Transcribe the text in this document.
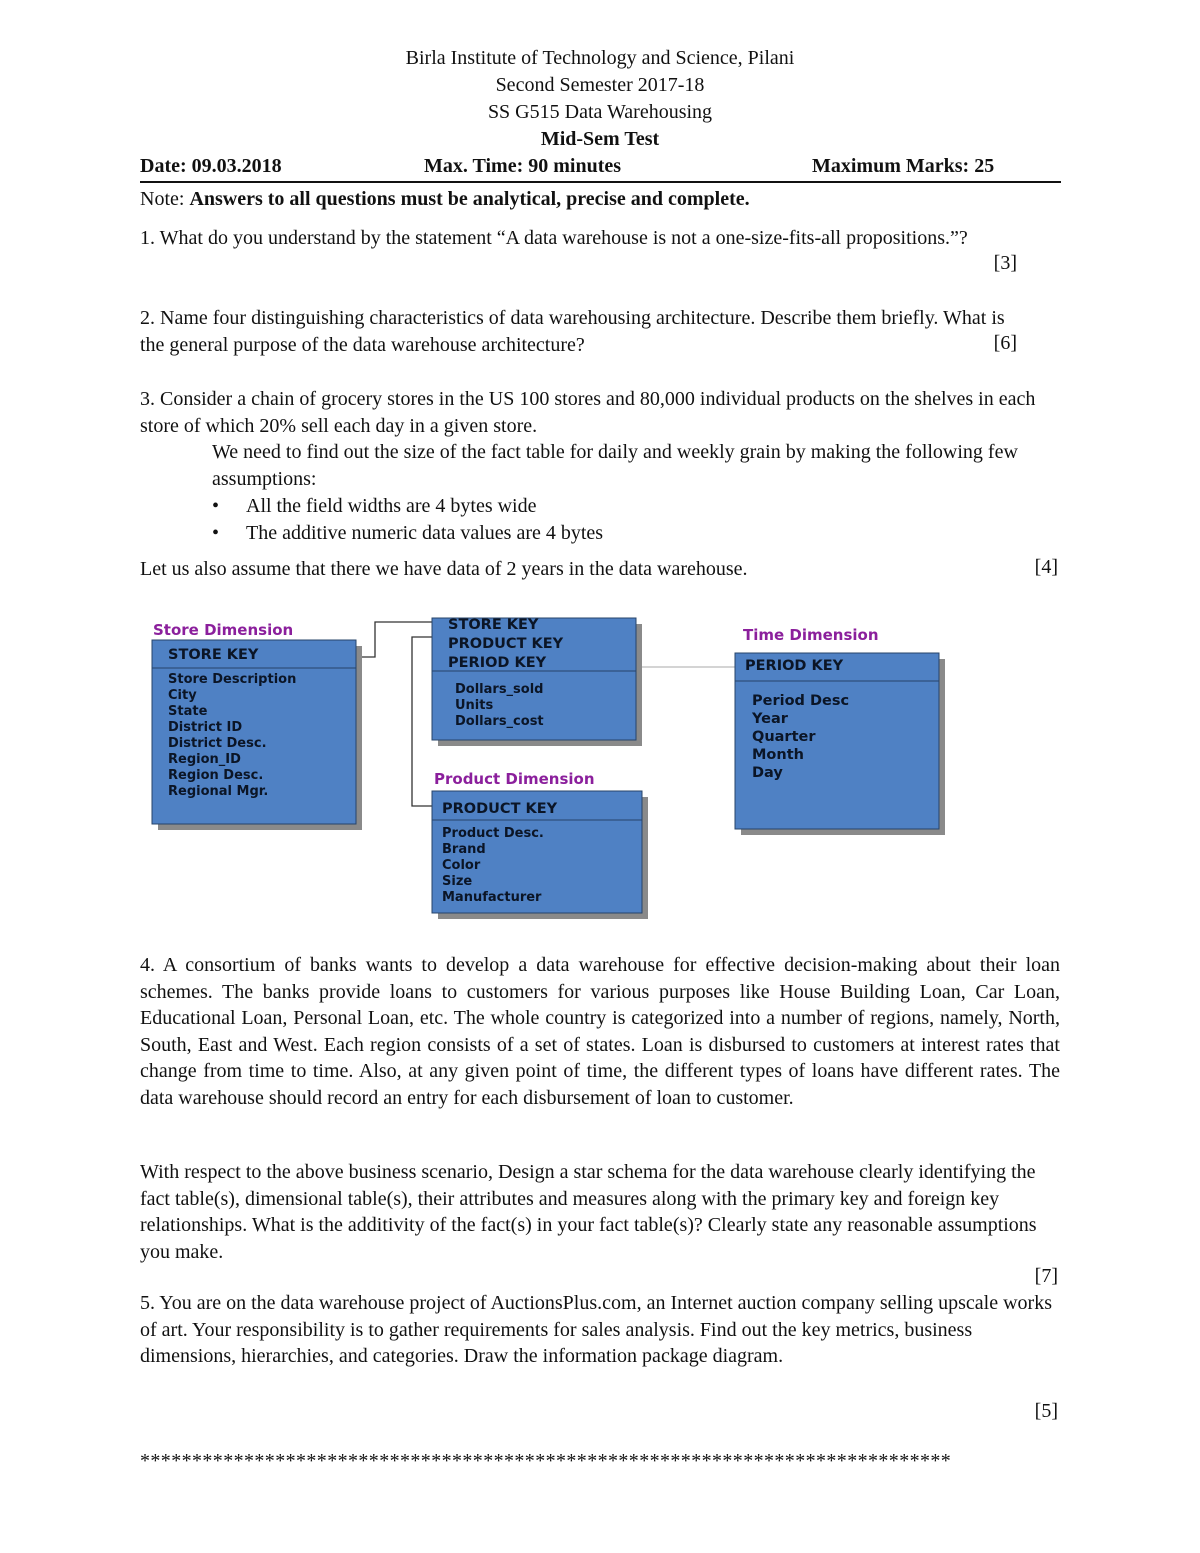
Birla Institute of Technology and Science, Pilani
Second Semester 2017-18
SS G515 Data Warehousing
Mid-Sem Test
Date: 09.03.2018	Max. Time: 90 minutes	Maximum Marks: 25
Note: Answers to all questions must be analytical, precise and complete.
1. What do you understand by the statement “A data warehouse is not a one-size-fits-all propositions.”?
[3]
2. Name four distinguishing characteristics of data warehousing architecture. Describe them briefly. What is the general purpose of the data warehouse architecture?	[6]
3. Consider a chain of grocery stores in the US 100 stores and 80,000 individual products on the shelves in each store of which 20% sell each day in a given store.
We need to find out the size of the fact table for daily and weekly grain by making the following few assumptions:
• All the field widths are 4 bytes wide
• The additive numeric data values are 4 bytes
Let us also assume that there we have data of 2 years in the data warehouse.	[4]
Store Dimension
STORE KEY
Store Description
City
State
District ID
District Desc.
Region_ID
Region Desc.
Regional Mgr.
STORE KEY
PRODUCT KEY
PERIOD KEY
Dollars_sold
Units
Dollars_cost
Time Dimension
PERIOD KEY
Period Desc
Year
Quarter
Month
Day
Product Dimension
PRODUCT KEY
Product Desc.
Brand
Color
Size
Manufacturer
4. A consortium of banks wants to develop a data warehouse for effective decision-making about their loan schemes. The banks provide loans to customers for various purposes like House Building Loan, Car Loan, Educational Loan, Personal Loan, etc. The whole country is categorized into a number of regions, namely, North, South, East and West. Each region consists of a set of states. Loan is disbursed to customers at interest rates that change from time to time. Also, at any given point of time, the different types of loans have different rates. The data warehouse should record an entry for each disbursement of loan to customer.
With respect to the above business scenario, Design a star schema for the data warehouse clearly identifying the fact table(s), dimensional table(s), their attributes and measures along with the primary key and foreign key relationships. What is the additivity of the fact(s) in your fact table(s)? Clearly state any reasonable assumptions you make.
[7]
5. You are on the data warehouse project of AuctionsPlus.com, an Internet auction company selling upscale works of art. Your responsibility is to gather requirements for sales analysis. Find out the key metrics, business dimensions, hierarchies, and categories. Draw the information package diagram.
[5]
******************************************************************************
